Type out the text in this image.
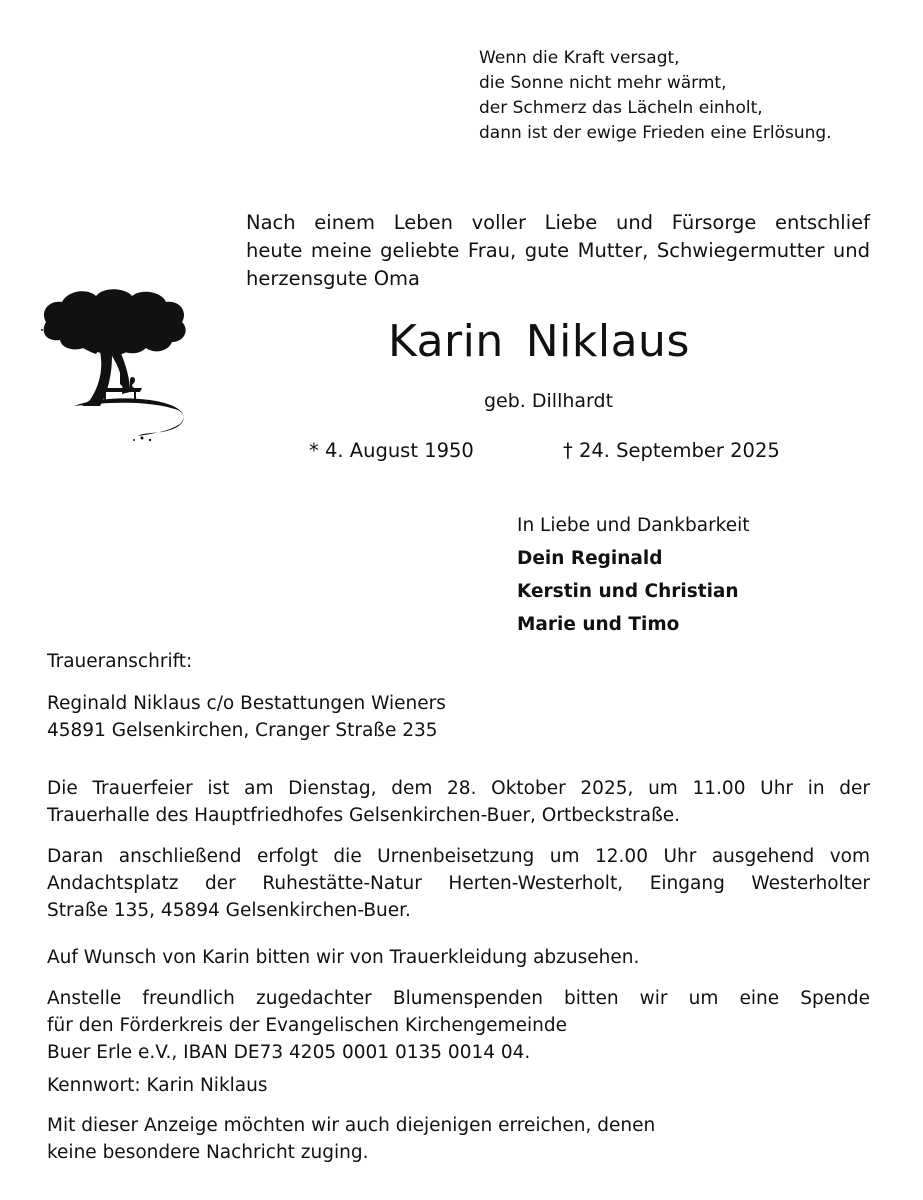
Wenn die Kraft versagt,
die Sonne nicht mehr wärmt,
der Schmerz das Lächeln einholt,
dann ist der ewige Frieden eine Erlösung.
Nach einem Leben voller Liebe und Fürsorge entschlief
heute meine geliebte Frau, gute Mutter, Schwiegermutter und
herzensgute Oma
Karin Niklaus
geb. Dillhardt
* 4. August 1950	† 24. September 2025
In Liebe und Dankbarkeit
Dein Reginald
Kerstin und Christian
Marie und Timo
Traueranschrift:
Reginald Niklaus c/o Bestattungen Wieners
45891 Gelsenkirchen, Cranger Straße 235
Die Trauerfeier ist am Dienstag, dem 28. Oktober 2025, um 11.00 Uhr in der
Trauerhalle des Hauptfriedhofes Gelsenkirchen-Buer, Ortbeckstraße.
Daran anschließend erfolgt die Urnenbeisetzung um 12.00 Uhr ausgehend vom
Andachtsplatz der Ruhestätte-Natur Herten-Westerholt, Eingang Westerholter
Straße 135, 45894 Gelsenkirchen-Buer.
Auf Wunsch von Karin bitten wir von Trauerkleidung abzusehen.
Anstelle freundlich zugedachter Blumenspenden bitten wir um eine Spende
für den Förderkreis der Evangelischen Kirchengemeinde
Buer Erle e.V., IBAN DE73 4205 0001 0135 0014 04.
Kennwort: Karin Niklaus
Mit dieser Anzeige möchten wir auch diejenigen erreichen, denen
keine besondere Nachricht zuging.
